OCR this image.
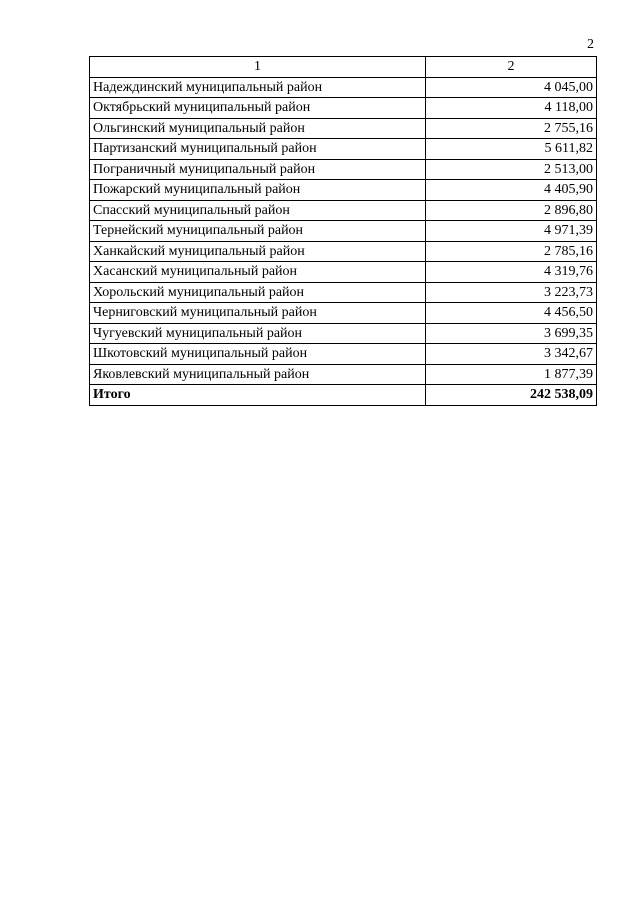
2
1	2
Надеждинский муниципальный район	4 045,00
Октябрьский муниципальный район	4 118,00
Ольгинский муниципальный район	2 755,16
Партизанский муниципальный район	5 611,82
Пограничный муниципальный район	2 513,00
Пожарский муниципальный район	4 405,90
Спасский муниципальный район	2 896,80
Тернейский муниципальный район	4 971,39
Ханкайский муниципальный район	2 785,16
Хасанский муниципальный район	4 319,76
Хорольский муниципальный район	3 223,73
Черниговский муниципальный район	4 456,50
Чугуевский муниципальный район	3 699,35
Шкотовский муниципальный район	3 342,67
Яковлевский муниципальный район	1 877,39
Итого	242 538,09
